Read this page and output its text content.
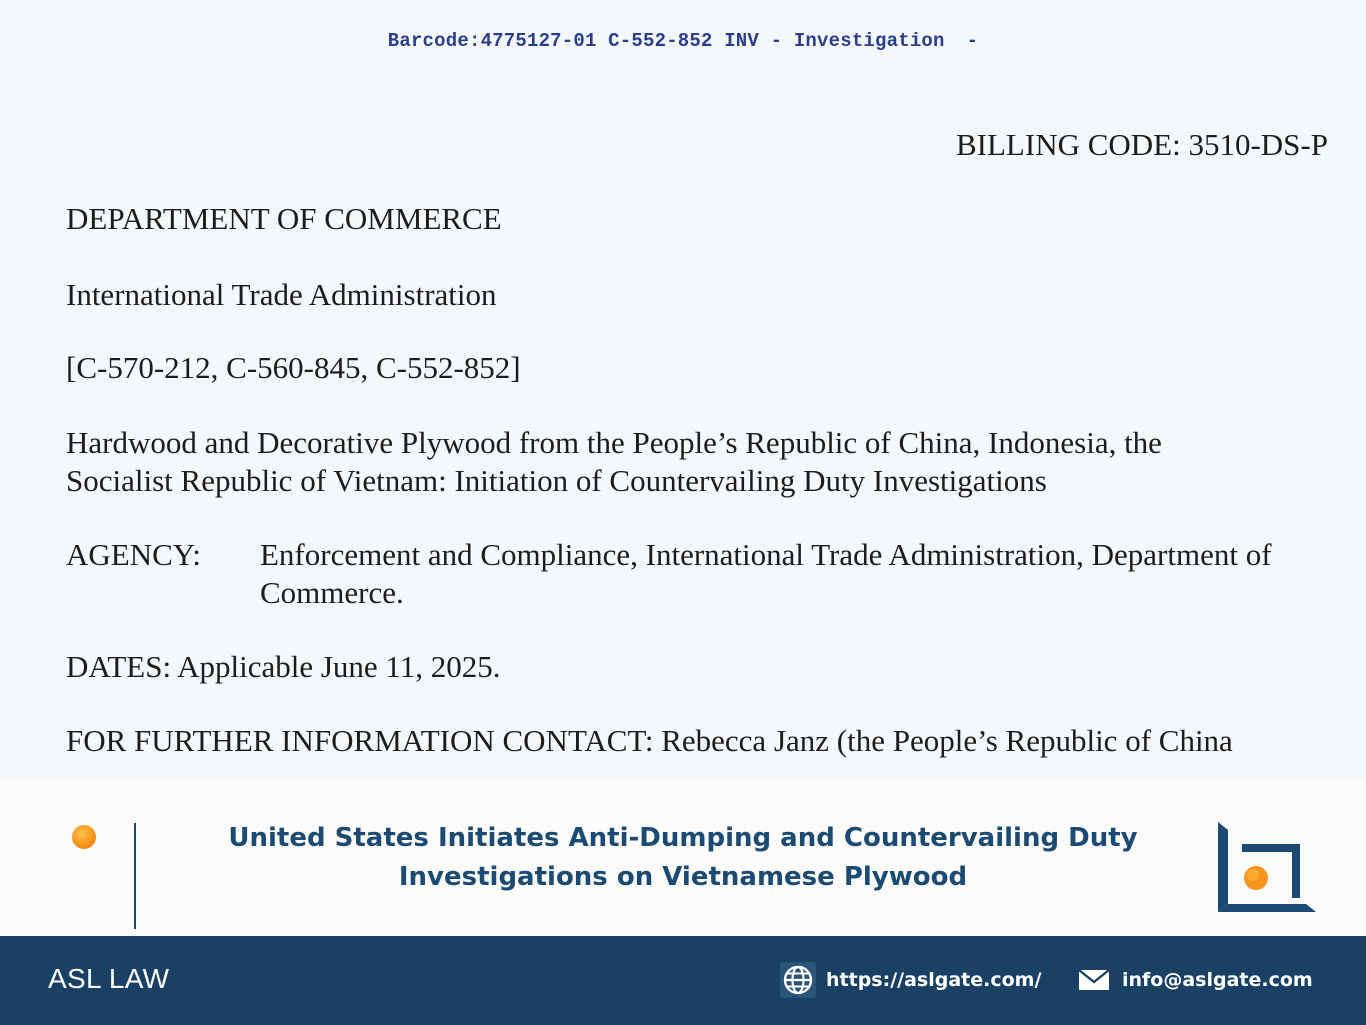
Barcode:4775127-01 C-552-852 INV - Investigation -
BILLING CODE: 3510-DS-P
DEPARTMENT OF COMMERCE
International Trade Administration
[C-570-212, C-560-845, C-552-852]
Hardwood and Decorative Plywood from the People’s Republic of China, Indonesia, the
Socialist Republic of Vietnam: Initiation of Countervailing Duty Investigations
AGENCY: Enforcement and Compliance, International Trade Administration, Department of Commerce.
DATES: Applicable June 11, 2025.
FOR FURTHER INFORMATION CONTACT: Rebecca Janz (the People’s Republic of China
United States Initiates Anti-Dumping and Countervailing Duty
Investigations on Vietnamese Plywood
ASL LAW	https://aslgate.com/	info@aslgate.com
